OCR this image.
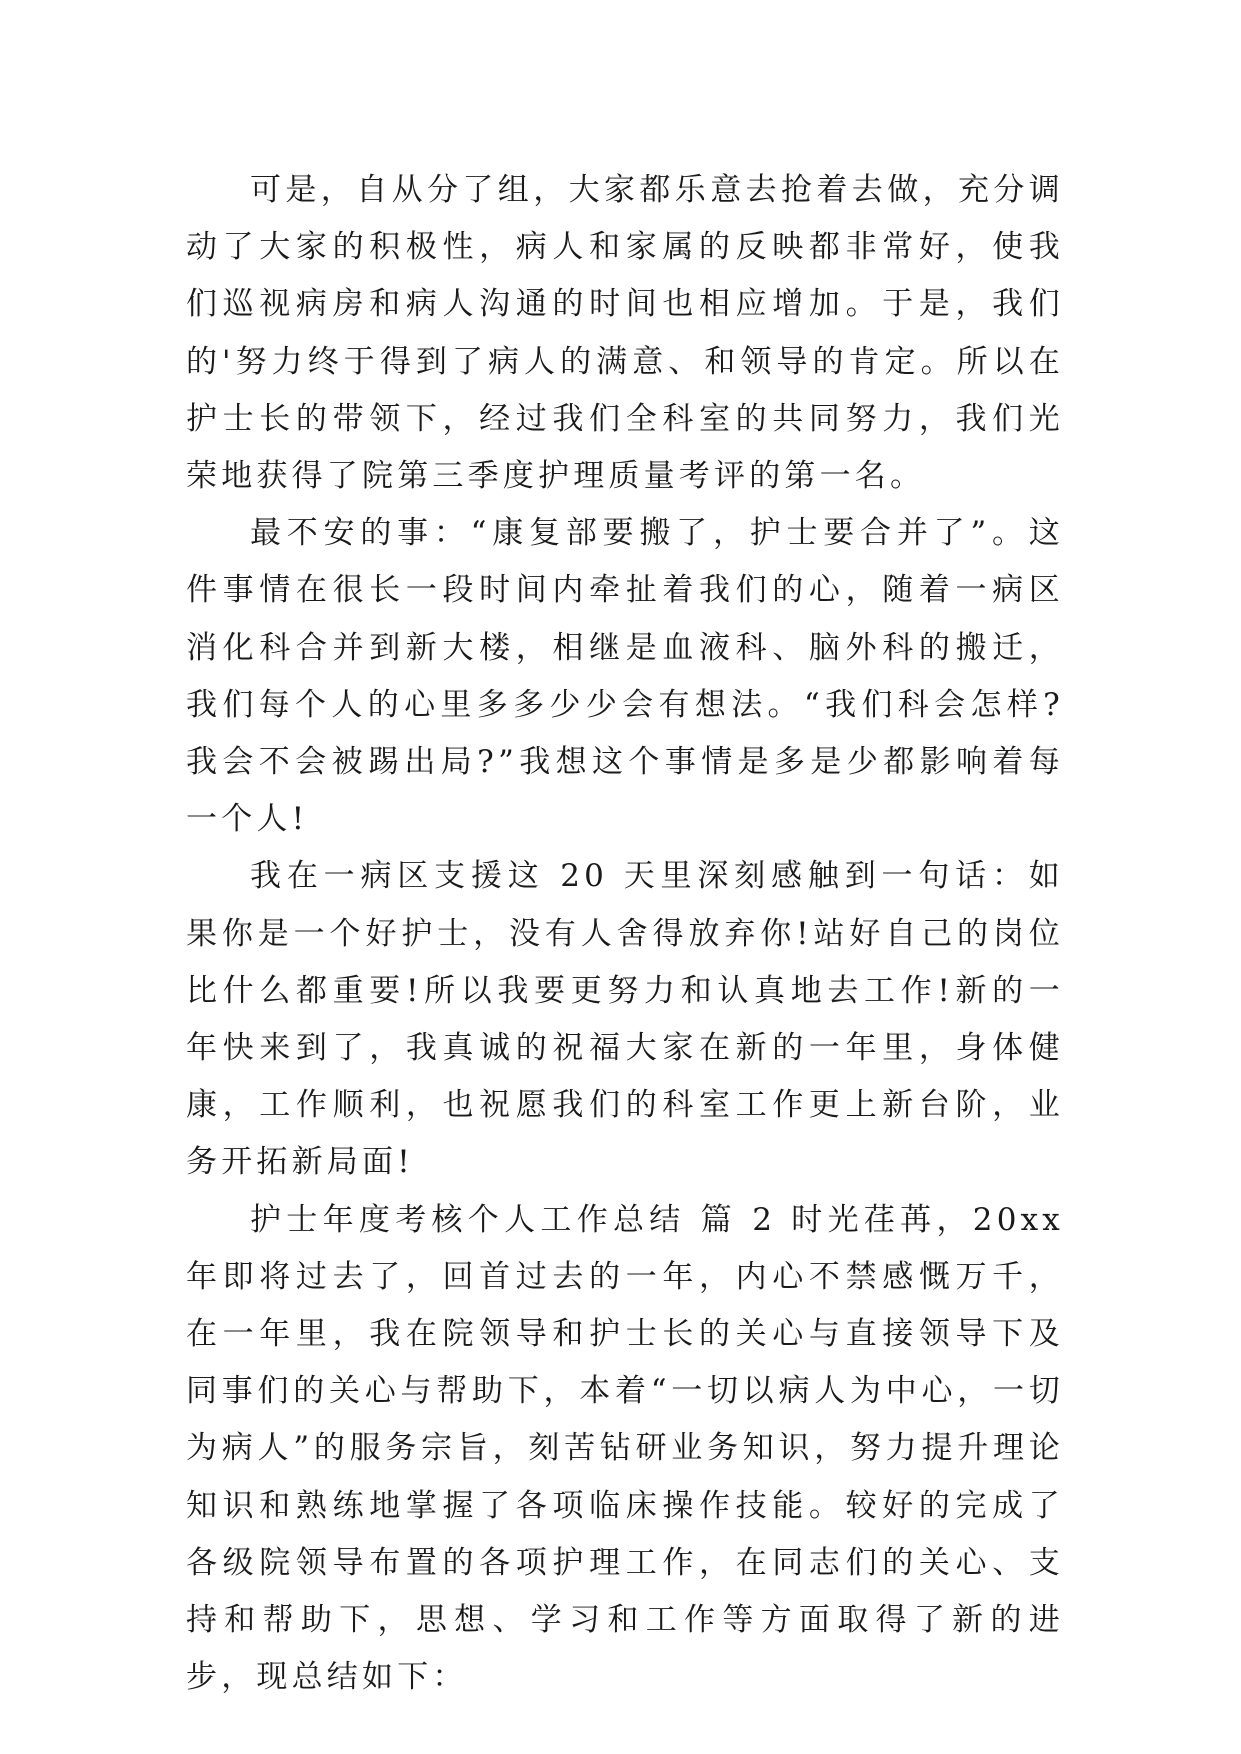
可是，自从分了组，大家都乐意去抢着去做，充分调动了大家的积极性，病人和家属的反映都非常好，使我们巡视病房和病人沟通的时间也相应增加。于是，我们的'努力终于得到了病人的满意、和领导的肯定。所以在护士长的带领下，经过我们全科室的共同努力，我们光荣地获得了院第三季度护理质量考评的第一名。

最不安的事：“康复部要搬了，护士要合并了”。这件事情在很长一段时间内牵扯着我们的心，随着一病区消化科合并到新大楼，相继是血液科、脑外科的搬迁，我们每个人的心里多多少少会有想法。“我们科会怎样?我会不会被踢出局?”我想这个事情是多是少都影响着每一个人!

我在一病区支援这 20 天里深刻感触到一句话：如果你是一个好护士，没有人舍得放弃你!站好自己的岗位比什么都重要!所以我要更努力和认真地去工作!新的一年快来到了，我真诚的祝福大家在新的一年里，身体健康，工作顺利，也祝愿我们的科室工作更上新台阶，业务开拓新局面!

护士年度考核个人工作总结 篇 2 时光荏苒，20xx 年即将过去了，回首过去的一年，内心不禁感慨万千，在一年里，我在院领导和护士长的关心与直接领导下及同事们的关心与帮助下，本着“一切以病人为中心，一切为病人”的服务宗旨，刻苦钻研业务知识，努力提升理论知识和熟练地掌握了各项临床操作技能。较好的完成了各级院领导布置的各项护理工作，在同志们的关心、支持和帮助下，思想、学习和工作等方面取得了新的进步，现总结如下：
